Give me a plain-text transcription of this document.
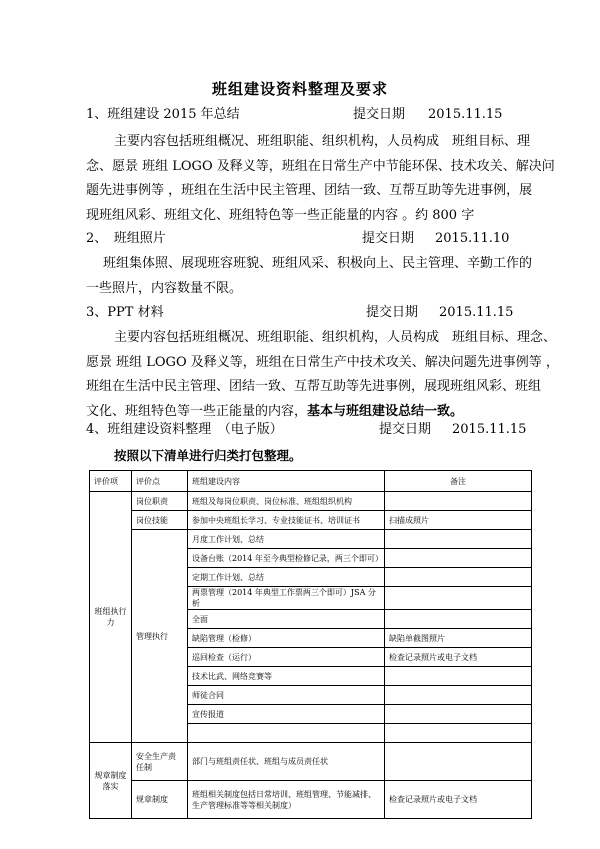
班组建设资料整理及要求
1、班组建设 2015 年总结	提交日期 2015.11.15

主要内容包括班组概况、班组职能、组织机构，人员构成　班组目标、理

念、愿景 班组 LOGO 及释义等，班组在日常生产中节能环保、技术攻关、解决问

题先进事例等 ，班组在生活中民主管理、团结一致、互帮互助等先进事例，展

现班组风彩、班组文化、班组特色等一些正能量的内容 。约 800 字

2、　班组照片	提交日期 2015.11.10

班组集体照、展现班容班貌、班组风采、积极向上、民主管理、辛勤工作的

一些照片，内容数量不限。

3、PPT 材料	提交日期 2015.11.15

主要内容包括班组概况、班组职能、组织机构，人员构成　班组目标、理念、

愿景 班组 LOGO 及释义等，班组在日常生产中技术攻关、解决问题先进事例等 ，

班组在生活中民主管理、团结一致、互帮互助等先进事例，展现班组风彩、班组

文化、班组特色等一些正能量的内容，基本与班组建设总结一致。

4、班组建设资料整理　（电子版）	提交日期 2015.11.15
按照以下清单进行归类打包整理。
评价项	评价点	班组建设内容	备注
班组执行力	岗位职责	班组及每岗位职责、岗位标准、班组组织机构	
	岗位技能	参加中央班组长学习、专业技能证书、培训证书	扫描成照片
	管理执行	月度工作计划、总结	
		设备台账（2014 年至今典型检修记录，两三个即可）	
		定期工作计划、总结	
		两票管理（2014 年典型工作票两三个即可）JSA 分析	
		全面	
		缺陷管理（检修）	缺陷单截图照片
		巡回检查（运行）	检查记录照片或电子文档
		技术比武、网络竞赛等	
		师徒合同	
		宣传报道	

规章制度落实	安全生产责任制	部门与班组责任状、班组与成员责任状	
	规章制度	班组相关制度包括日常培训、班组管理、节能减排、
生产管理标准等等相关制度）	检查记录照片或电子文档
